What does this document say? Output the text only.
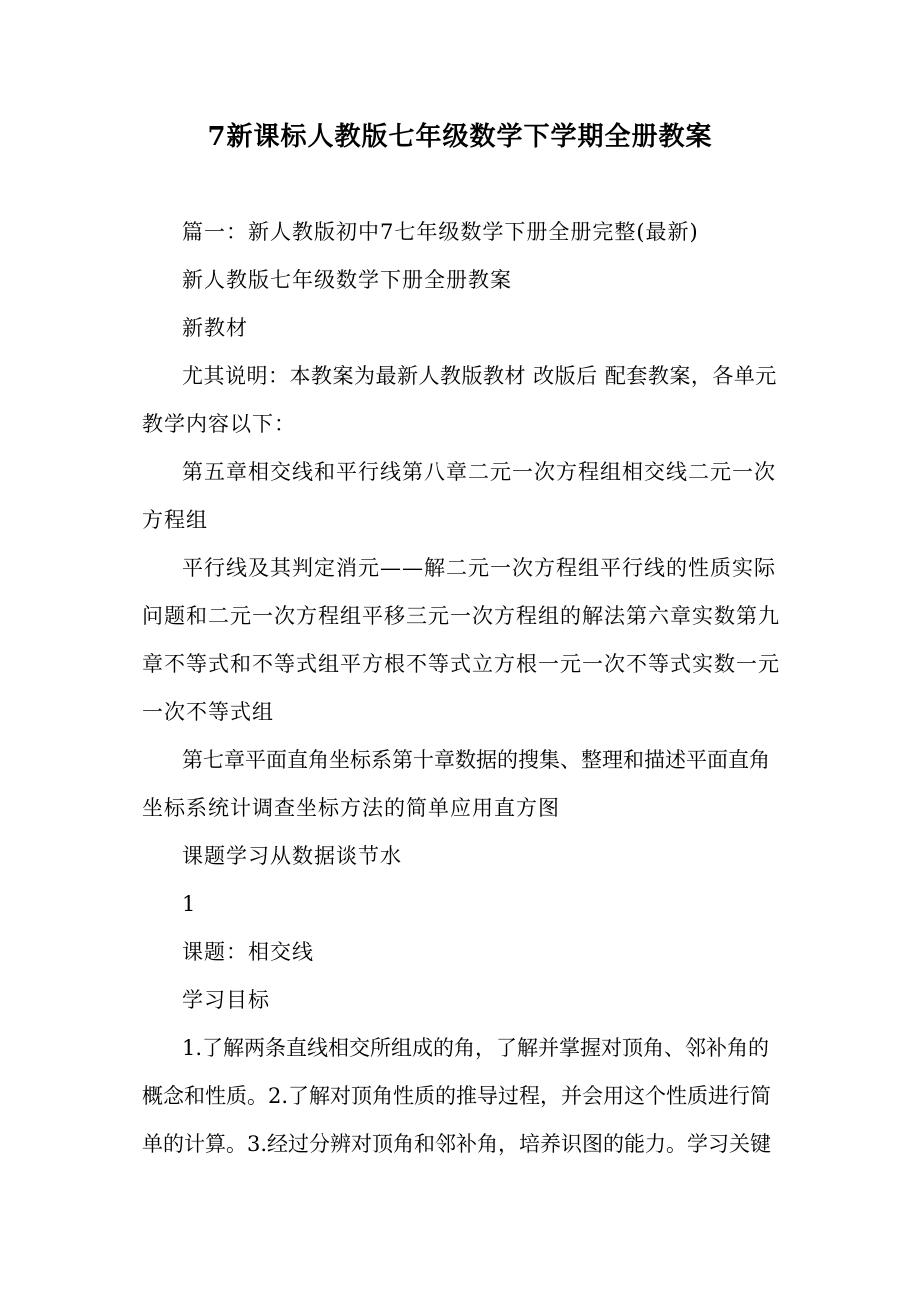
7新课标人教版七年级数学下学期全册教案
篇一：新人教版初中7七年级数学下册全册完整(最新)
新人教版七年级数学下册全册教案
新教材
尤其说明：本教案为最新人教版教材 改版后 配套教案，各单元
教学内容以下：
第五章相交线和平行线第八章二元一次方程组相交线二元一次
方程组
平行线及其判定消元——解二元一次方程组平行线的性质实际
问题和二元一次方程组平移三元一次方程组的解法第六章实数第九
章不等式和不等式组平方根不等式立方根一元一次不等式实数一元
一次不等式组
第七章平面直角坐标系第十章数据的搜集、整理和描述平面直角
坐标系统计调查坐标方法的简单应用直方图
课题学习从数据谈节水
1
课题：相交线
学习目标
1.了解两条直线相交所组成的角，了解并掌握对顶角、邻补角的
概念和性质。2.了解对顶角性质的推导过程，并会用这个性质进行简
单的计算。3.经过分辨对顶角和邻补角，培养识图的能力。学习关键
